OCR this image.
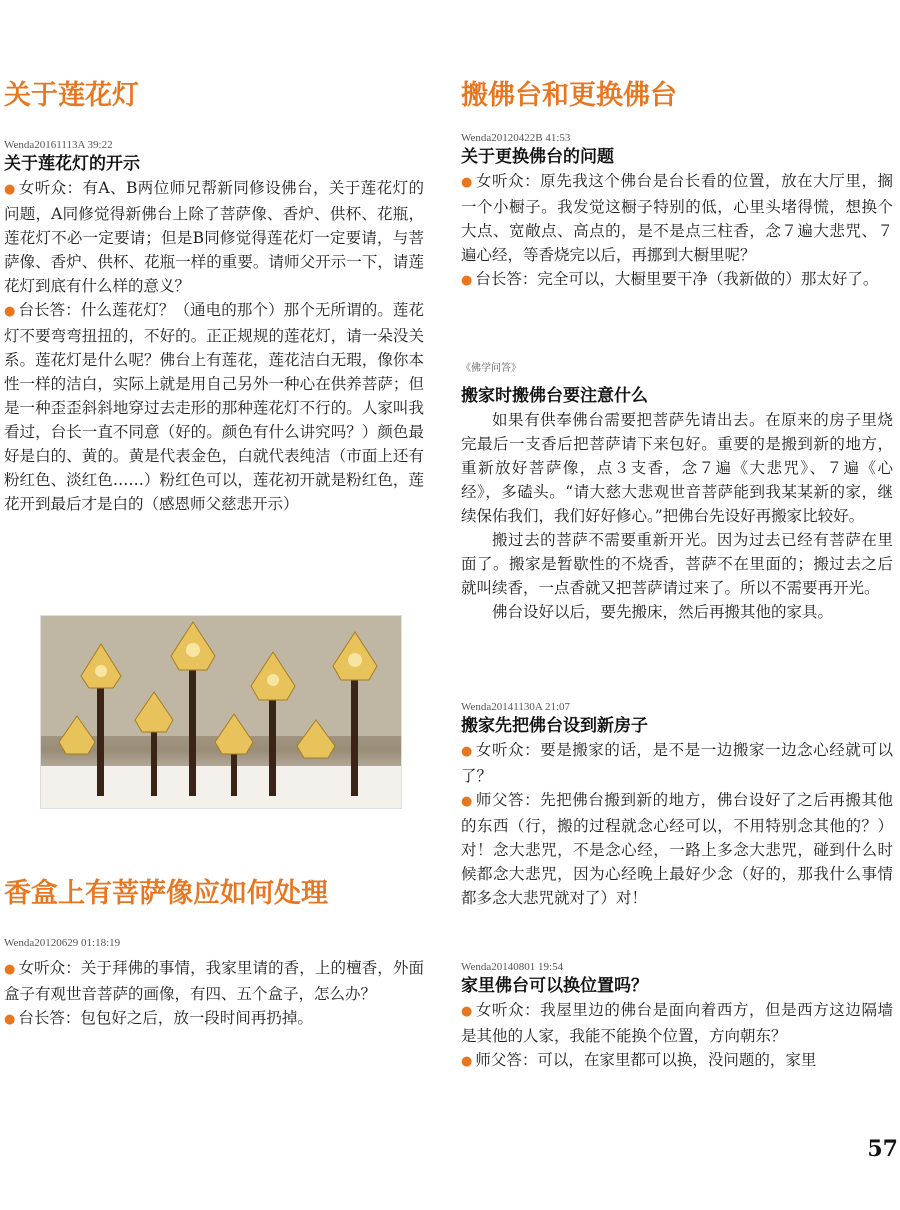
关于莲花灯
Wenda20161113A 39:22
关于莲花灯的开示

● 女听众：有A、B两位师兄帮新同修设佛台，关于莲花灯的问题，A同修觉得新佛台上除了菩萨像、香炉、供杯、花瓶，莲花灯不必一定要请；但是B同修觉得莲花灯一定要请，与菩萨像、香炉、供杯、花瓶一样的重要。请师父开示一下，请莲花灯到底有什么样的意义？

● 台长答：什么莲花灯？（通电的那个）那个无所谓的。莲花灯不要弯弯扭扭的，不好的。正正规规的莲花灯，请一朵没关系。莲花灯是什么呢？佛台上有莲花，莲花洁白无瑕，像你本性一样的洁白，实际上就是用自己另外一种心在供养菩萨；但是一种歪歪斜斜地穿过去走形的那种莲花灯不行的。人家叫我看过，台长一直不同意（好的。颜色有什么讲究吗？）颜色最好是白的、黄的。黄是代表金色，白就代表纯洁（市面上还有粉红色、淡红色……）粉红色可以，莲花初开就是粉红色，莲花开到最后才是白的（感恩师父慈悲开示）

香盒上有菩萨像应如何处理
Wenda20120629 01:18:19

● 女听众：关于拜佛的事情，我家里请的香，上的檀香，外面盒子有观世音菩萨的画像，有四、五个盒子，怎么办？

● 台长答：包包好之后，放一段时间再扔掉。

搬佛台和更换佛台
Wenda20120422B 41:53
关于更换佛台的问题

● 女听众：原先我这个佛台是台长看的位置，放在大厅里，搁一个小橱子。我发觉这橱子特别的低，心里头堵得慌，想换个大点、宽敞点、高点的，是不是点三柱香，念７遍大悲咒、７遍心经，等香烧完以后，再挪到大橱里呢？

● 台长答：完全可以，大橱里要干净（我新做的）那太好了。

《佛学问答》
搬家时搬佛台要注意什么

如果有供奉佛台需要把菩萨先请出去。在原来的房子里烧完最后一支香后把菩萨请下来包好。重要的是搬到新的地方，重新放好菩萨像，点３支香，念７遍《大悲咒》、７遍《心经》，多磕头。“请大慈大悲观世音菩萨能到我某某新的家，继续保佑我们，我们好好修心。”把佛台先设好再搬家比较好。

搬过去的菩萨不需要重新开光。因为过去已经有菩萨在里面了。搬家是暂歇性的不烧香，菩萨不在里面的；搬过去之后就叫续香，一点香就又把菩萨请过来了。所以不需要再开光。

佛台设好以后，要先搬床，然后再搬其他的家具。

Wenda20141130A 21:07
搬家先把佛台设到新房子

● 女听众：要是搬家的话，是不是一边搬家一边念心经就可以了？

● 师父答：先把佛台搬到新的地方，佛台设好了之后再搬其他的东西（行，搬的过程就念心经可以，不用特别念其他的？）对！念大悲咒，不是念心经，一路上多念大悲咒，碰到什么时候都念大悲咒，因为心经晚上最好少念（好的，那我什么事情都多念大悲咒就对了）对！

Wenda20140801 19:54
家里佛台可以换位置吗？

● 女听众：我屋里边的佛台是面向着西方，但是西方这边隔墙是其他的人家，我能不能换个位置，方向朝东？

● 师父答：可以，在家里都可以换，没问题的，家里

57
